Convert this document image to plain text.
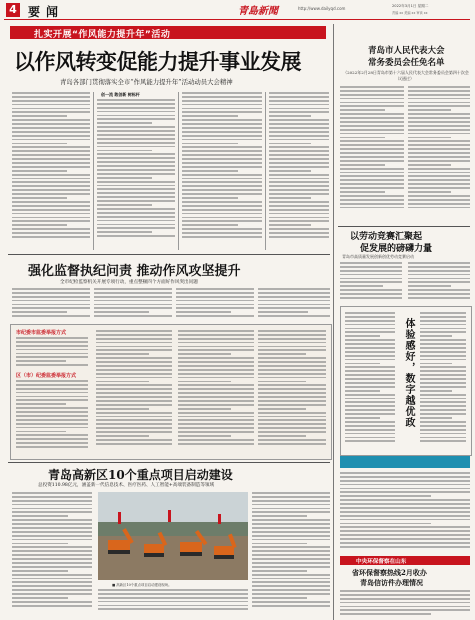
4 要闻	青島新聞	http://www.dailyqd.com	2022年3月1日 星期二
责编 xx 美编 xx 审读 xx
扎实开展“作风能力提升年”活动
以作风转变促能力提升事业发展
青岛各部门贯彻落实全市“作风能力提升年”活动动员大会精神
创一流 敢创新 树标杆
青岛市人民代表大会
常务委员会任免名单
（2022年2月28日青岛市第十六届人民代表大会常务委员会第四十次会议通过）
强化监督执纪问责 推动作风攻坚提升
全市纪检监察机关开展专项行动，重点整顿四个方面好作风突出问题
市纪委市监委举报方式
区（市）纪委监委举报方式
以劳动竞赛汇聚起
促发展的磅礴力量
青岛市高质量发展创新创优劳动竞赛启动
体验感好，数字越优政
青岛高新区10个重点项目启动建设
总投资110.98亿元，涵盖新一代信息技术、医疗医药、人工智能+高端装备制造等领域
■ 高新区10个重点项目启动建设现场。
中央环保督察在山东
省环保督察热线2月收办
青岛信访件办理情况
